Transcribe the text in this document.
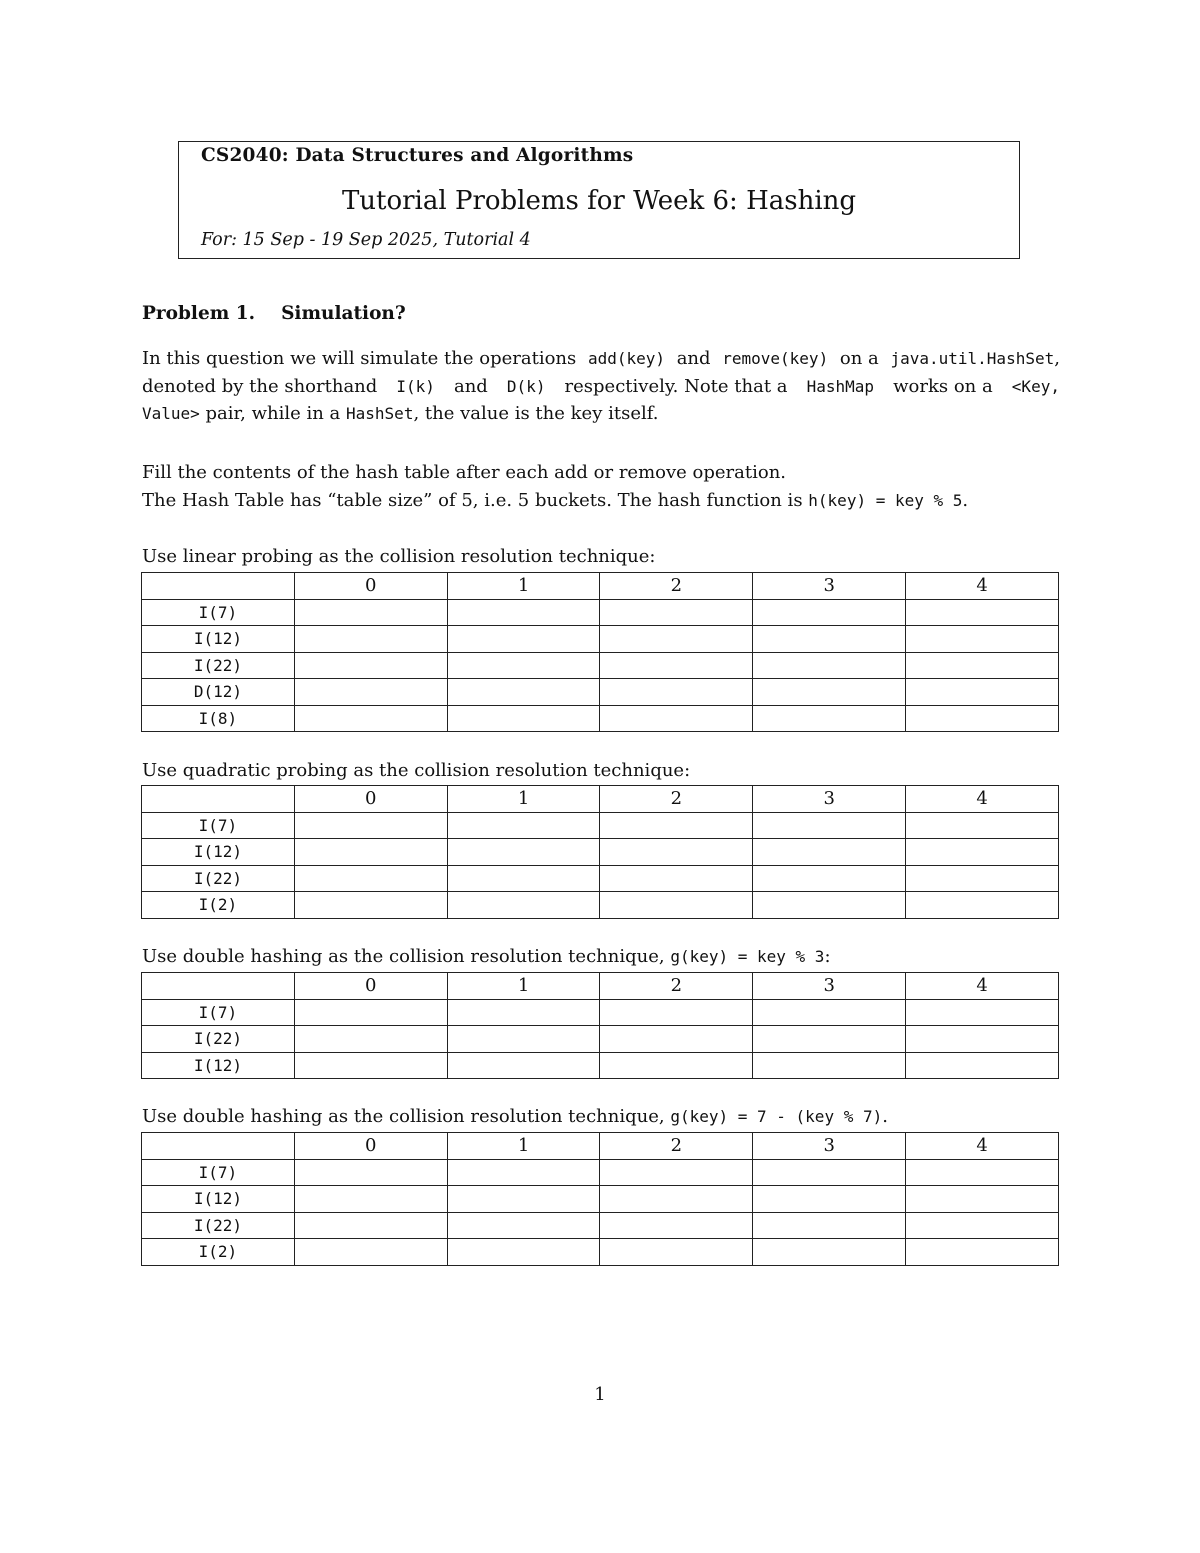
CS2040: Data Structures and Algorithms
Tutorial Problems for Week 6: Hashing
For: 15 Sep - 19 Sep 2025, Tutorial 4
Problem 1. Simulation?
In this question we will simulate the operations add(key) and remove(key) on a java.util.HashSet,
denoted by the shorthand I(k) and D(k) respectively. Note that a HashMap works on a <Key,
Value> pair, while in a HashSet, the value is the key itself.
Fill the contents of the hash table after each add or remove operation.
The Hash Table has “table size” of 5, i.e. 5 buckets. The hash function is h(key) = key % 5.
Use linear probing as the collision resolution technique:
	0	1	2	3	4
I(7)					
I(12)					
I(22)					
D(12)					
I(8)					
Use quadratic probing as the collision resolution technique:
	0	1	2	3	4
I(7)					
I(12)					
I(22)					
I(2)					
Use double hashing as the collision resolution technique, g(key) = key % 3:
	0	1	2	3	4
I(7)					
I(22)					
I(12)					
Use double hashing as the collision resolution technique, g(key) = 7 - (key % 7).
	0	1	2	3	4
I(7)					
I(12)					
I(22)					
I(2)					
1
